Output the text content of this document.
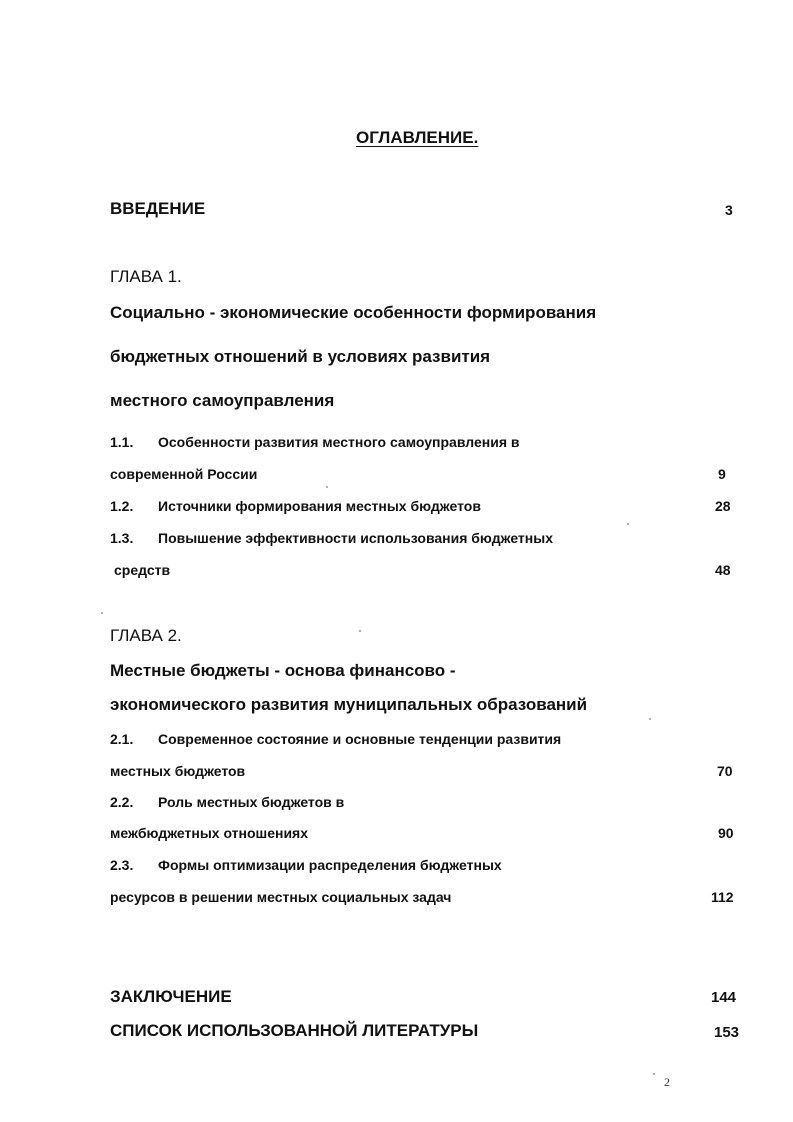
ОГЛАВЛЕНИЕ.
ВВЕДЕНИЕ	3
ГЛАВА 1.
Социально - экономические особенности формирования
бюджетных отношений в условиях развития
местного самоуправления
1.1. Особенности развития местного самоуправления в
современной России	9
1.2. Источники формирования местных бюджетов	28
1.3. Повышение эффективности использования бюджетных
средств	48
ГЛАВА 2.
Местные бюджеты - основа финансово -
экономического развития муниципальных образований
2.1. Современное состояние и основные тенденции развития
местных бюджетов	70
2.2. Роль местных бюджетов в
межбюджетных отношениях	90
2.3. Формы оптимизации распределения бюджетных
ресурсов в решении местных социальных задач	112
ЗАКЛЮЧЕНИЕ	144
СПИСОК ИСПОЛЬЗОВАННОЙ ЛИТЕРАТУРЫ	153
2
